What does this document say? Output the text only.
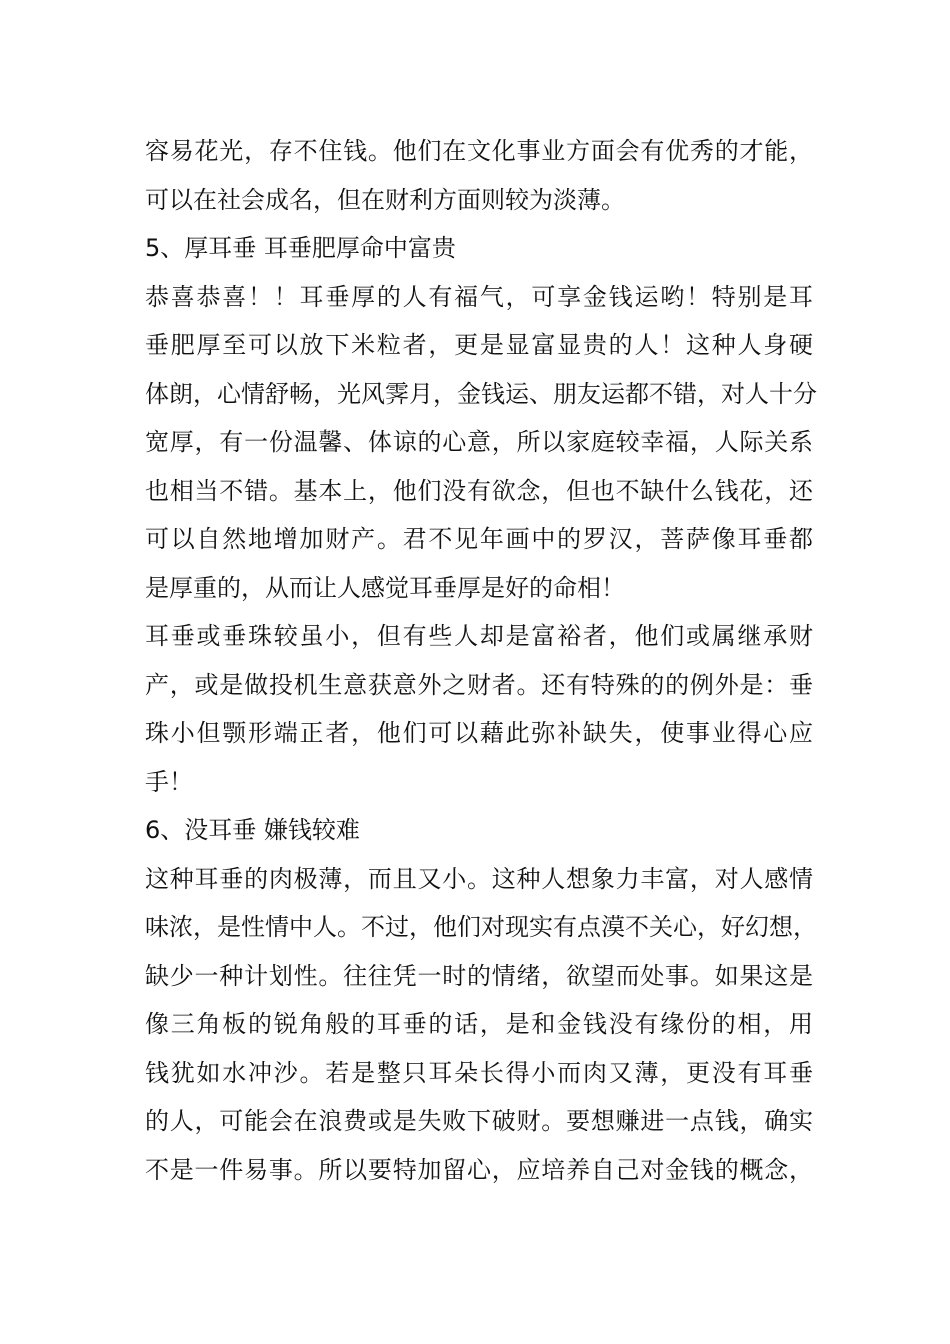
容易花光，存不住钱。他们在文化事业方面会有优秀的才能，
可以在社会成名，但在财利方面则较为淡薄。
5、厚耳垂 耳垂肥厚命中富贵
恭喜恭喜！！耳垂厚的人有福气，可享金钱运哟！特别是耳
垂肥厚至可以放下米粒者，更是显富显贵的人！这种人身硬
体朗，心情舒畅，光风霁月，金钱运、朋友运都不错，对人十分
宽厚，有一份温馨、体谅的心意，所以家庭较幸福，人际关系
也相当不错。基本上，他们没有欲念，但也不缺什么钱花，还
可以自然地增加财产。君不见年画中的罗汉，菩萨像耳垂都
是厚重的，从而让人感觉耳垂厚是好的命相！
耳垂或垂珠较虽小，但有些人却是富裕者，他们或属继承财
产，或是做投机生意获意外之财者。还有特殊的的例外是：垂
珠小但颚形端正者，他们可以藉此弥补缺失，使事业得心应
手！
6、没耳垂 嫌钱较难
这种耳垂的肉极薄，而且又小。这种人想象力丰富，对人感情
味浓，是性情中人。不过，他们对现实有点漠不关心，好幻想，
缺少一种计划性。往往凭一时的情绪，欲望而处事。如果这是
像三角板的锐角般的耳垂的话，是和金钱没有缘份的相，用
钱犹如水冲沙。若是整只耳朵长得小而肉又薄，更没有耳垂
的人，可能会在浪费或是失败下破财。要想赚进一点钱，确实
不是一件易事。所以要特加留心，应培养自己对金钱的概念，
